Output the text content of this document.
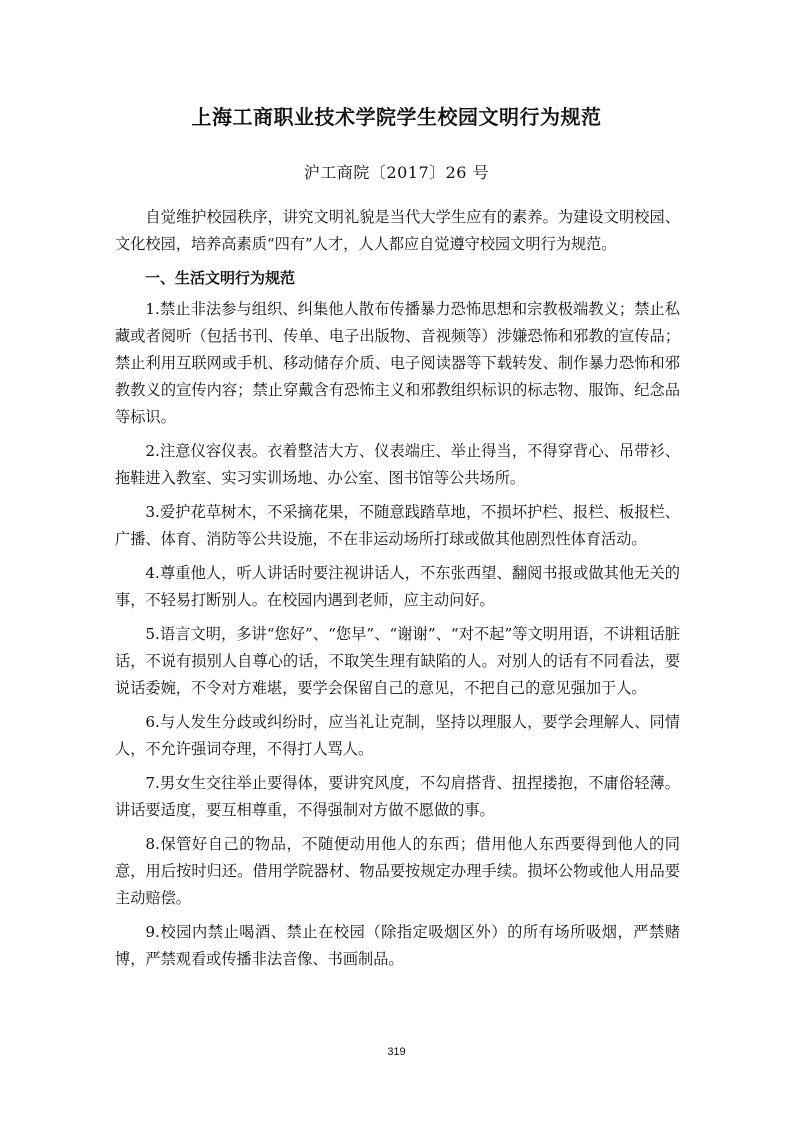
上海工商职业技术学院学生校园文明行为规范

沪工商院〔2017〕26 号

自觉维护校园秩序，讲究文明礼貌是当代大学生应有的素养。为建设文明校园、文化校园，培养高素质“四有”人才，人人都应自觉遵守校园文明行为规范。

一、生活文明行为规范

1.禁止非法参与组织、纠集他人散布传播暴力恐怖思想和宗教极端教义；禁止私藏或者阅听（包括书刊、传单、电子出版物、音视频等）涉嫌恐怖和邪教的宣传品；禁止利用互联网或手机、移动储存介质、电子阅读器等下载转发、制作暴力恐怖和邪教教义的宣传内容；禁止穿戴含有恐怖主义和邪教组织标识的标志物、服饰、纪念品等标识。

2.注意仪容仪表。衣着整洁大方、仪表端庄、举止得当，不得穿背心、吊带衫、拖鞋进入教室、实习实训场地、办公室、图书馆等公共场所。

3.爱护花草树木，不采摘花果，不随意践踏草地，不损坏护栏、报栏、板报栏、广播、体育、消防等公共设施，不在非运动场所打球或做其他剧烈性体育活动。

4.尊重他人，听人讲话时要注视讲话人，不东张西望、翻阅书报或做其他无关的事，不轻易打断别人。在校园内遇到老师，应主动问好。

5.语言文明，多讲“您好”、“您早”、“谢谢”、“对不起”等文明用语，不讲粗话脏话，不说有损别人自尊心的话，不取笑生理有缺陷的人。对别人的话有不同看法，要说话委婉，不令对方难堪，要学会保留自己的意见，不把自己的意见强加于人。

6.与人发生分歧或纠纷时，应当礼让克制，坚持以理服人，要学会理解人、同情人，不允许强词夺理，不得打人骂人。

7.男女生交往举止要得体，要讲究风度，不勾肩搭背、扭捏搂抱，不庸俗轻薄。讲话要适度，要互相尊重，不得强制对方做不愿做的事。

8.保管好自己的物品，不随便动用他人的东西；借用他人东西要得到他人的同意，用后按时归还。借用学院器材、物品要按规定办理手续。损坏公物或他人用品要主动赔偿。

9.校园内禁止喝酒、禁止在校园（除指定吸烟区外）的所有场所吸烟，严禁赌博，严禁观看或传播非法音像、书画制品。

319
